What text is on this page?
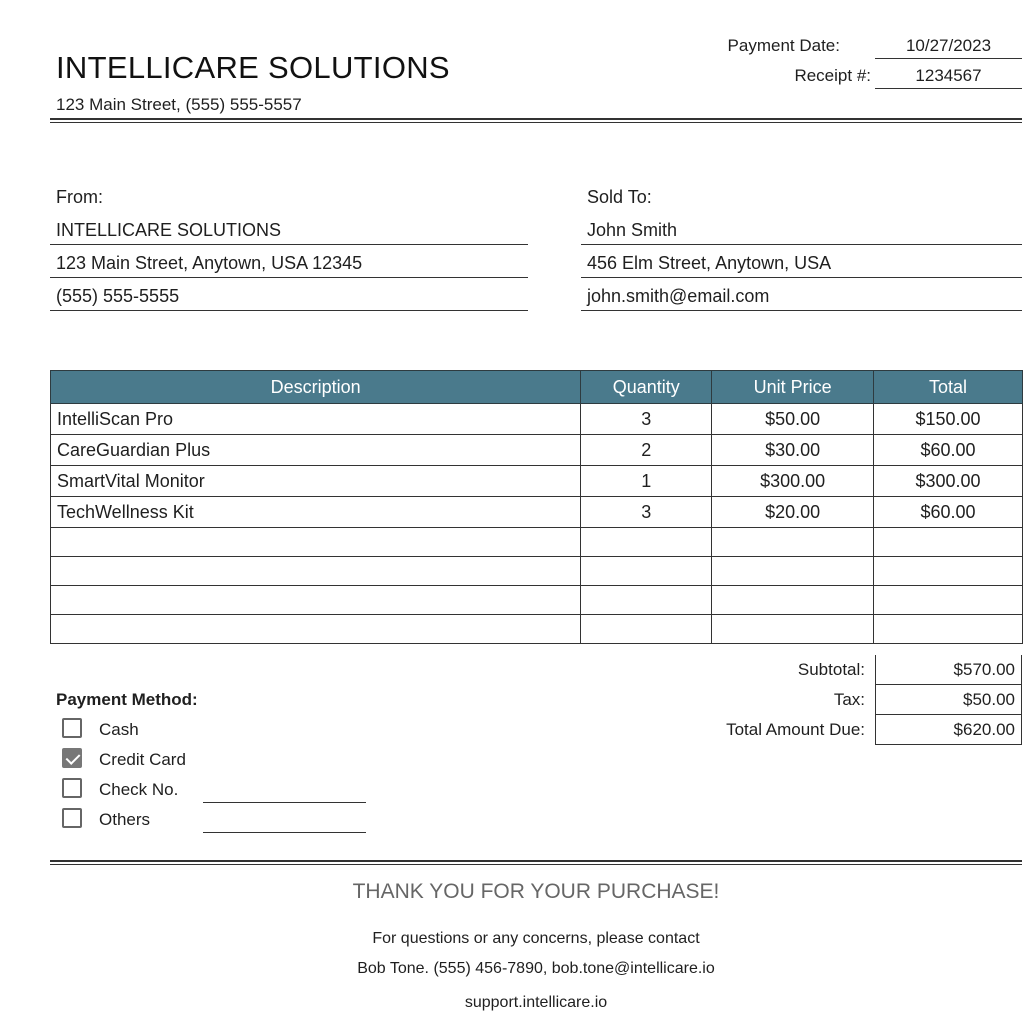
INTELLICARE SOLUTIONS
123 Main Street, (555) 555-5557
Payment Date:	10/27/2023
Receipt #:	1234567
From:
INTELLICARE SOLUTIONS
123 Main Street, Anytown, USA 12345
(555) 555-5555
Sold To:
John Smith
456 Elm Street, Anytown, USA
john.smith@email.com
Description	Quantity	Unit Price	Total
IntelliScan Pro	3	$50.00	$150.00
CareGuardian Plus	2	$30.00	$60.00
SmartVital Monitor	1	$300.00	$300.00
TechWellness Kit	3	$20.00	$60.00

Subtotal:	$570.00
Tax:	$50.00
Total Amount Due:	$620.00
Payment Method:
Cash
Credit Card
Check No.
Others
THANK YOU FOR YOUR PURCHASE!
For questions or any concerns, please contact
Bob Tone. (555) 456-7890, bob.tone@intellicare.io
support.intellicare.io
